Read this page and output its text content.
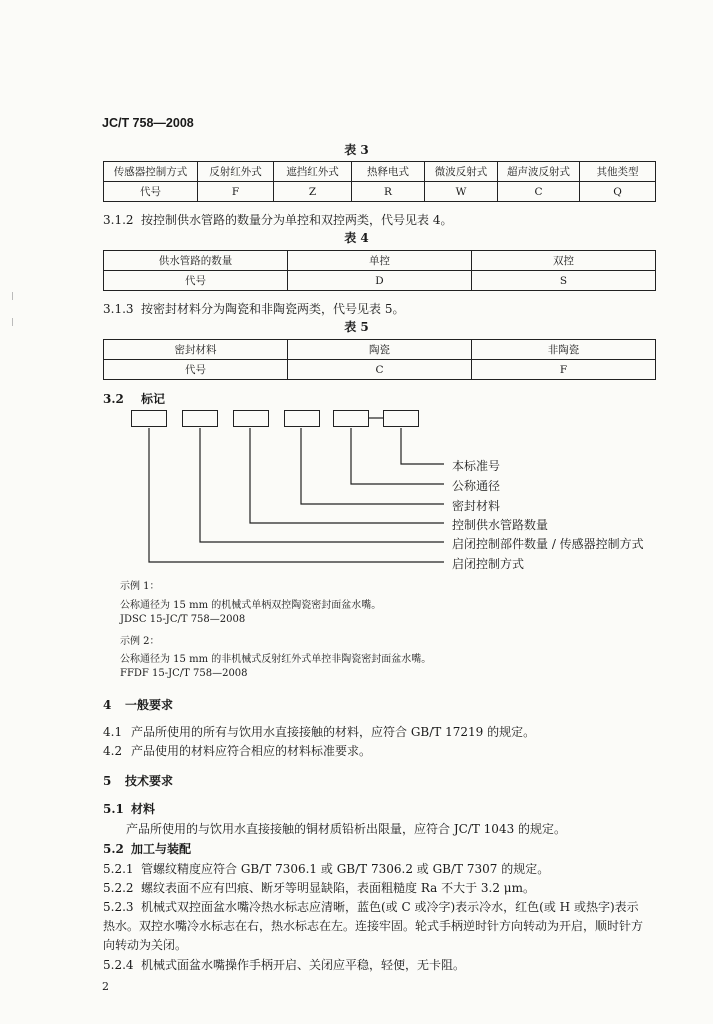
JC/T 758—2008
表 3
传感器控制方式	反射红外式	遮挡红外式	热释电式	微波反射式	超声波反射式	其他类型
代号	F	Z	R	W	C	Q
3.1.2 按控制供水管路的数量分为单控和双控两类，代号见表 4。
表 4
供水管路的数量	单控	双控
代号	D	S
3.1.3 按密封材料分为陶瓷和非陶瓷两类，代号见表 5。
表 5
密封材料	陶瓷	非陶瓷
代号	C	F
3.2 标记
本标准号
公称通径
密封材料
控制供水管路数量
启闭控制部件数量 / 传感器控制方式
启闭控制方式
示例 1：
公称通径为 15 mm 的机械式单柄双控陶瓷密封面盆水嘴。
JDSC 15-JC/T 758—2008
示例 2：
公称通径为 15 mm 的非机械式反射红外式单控非陶瓷密封面盆水嘴。
FFDF 15-JC/T 758—2008
4 一般要求
4.1 产品所使用的所有与饮用水直接接触的材料，应符合 GB/T 17219 的规定。
4.2 产品使用的材料应符合相应的材料标准要求。
5 技术要求
5.1 材料
产品所使用的与饮用水直接接触的铜材质铅析出限量，应符合 JC/T 1043 的规定。
5.2 加工与装配
5.2.1 管螺纹精度应符合 GB/T 7306.1 或 GB/T 7306.2 或 GB/T 7307 的规定。
5.2.2 螺纹表面不应有凹痕、断牙等明显缺陷，表面粗糙度 Ra 不大于 3.2 μm。
5.2.3 机械式双控面盆水嘴冷热水标志应清晰，蓝色(或 C 或冷字)表示冷水，红色(或 H 或热字)表示
热水。双控水嘴冷水标志在右，热水标志在左。连接牢固。轮式手柄逆时针方向转动为开启，顺时针方
向转动为关闭。
5.2.4 机械式面盆水嘴操作手柄开启、关闭应平稳，轻便，无卡阻。
2
